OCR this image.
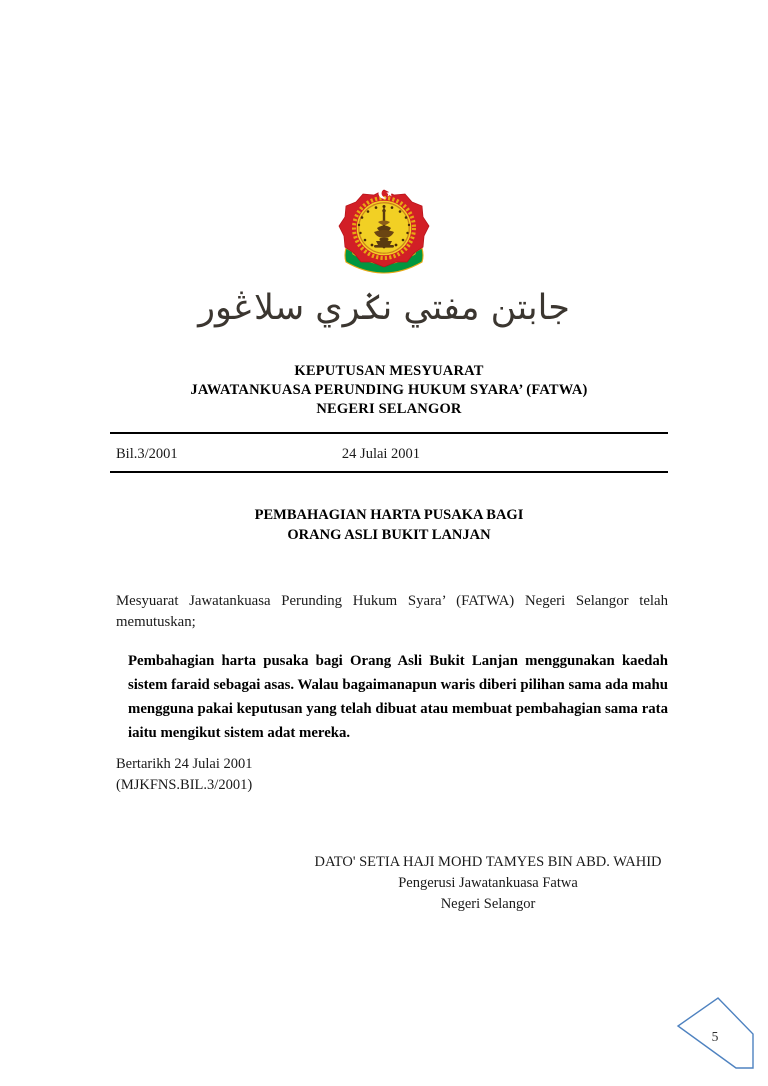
جابتن مفتي نݢري سلاڠور
KEPUTUSAN MESYUARAT
JAWATANKUASA PERUNDING HUKUM SYARA’ (FATWA)
NEGERI SELANGOR
Bil.3/2001	24 Julai 2001
PEMBAHAGIAN HARTA PUSAKA BAGI
ORANG ASLI BUKIT LANJAN

Mesyuarat Jawatankuasa Perunding Hukum Syara’ (FATWA) Negeri Selangor telah memutuskan;

Pembahagian harta pusaka bagi Orang Asli Bukit Lanjan menggunakan kaedah sistem faraid sebagai asas. Walau bagaimanapun waris diberi pilihan sama ada mahu mengguna pakai keputusan yang telah dibuat atau membuat pembahagian sama rata iaitu mengikut sistem adat mereka.

Bertarikh 24 Julai 2001
(MJKFNS.BIL.3/2001)
DATO' SETIA HAJI MOHD TAMYES BIN ABD. WAHID
Pengerusi Jawatankuasa Fatwa
Negeri Selangor
5
